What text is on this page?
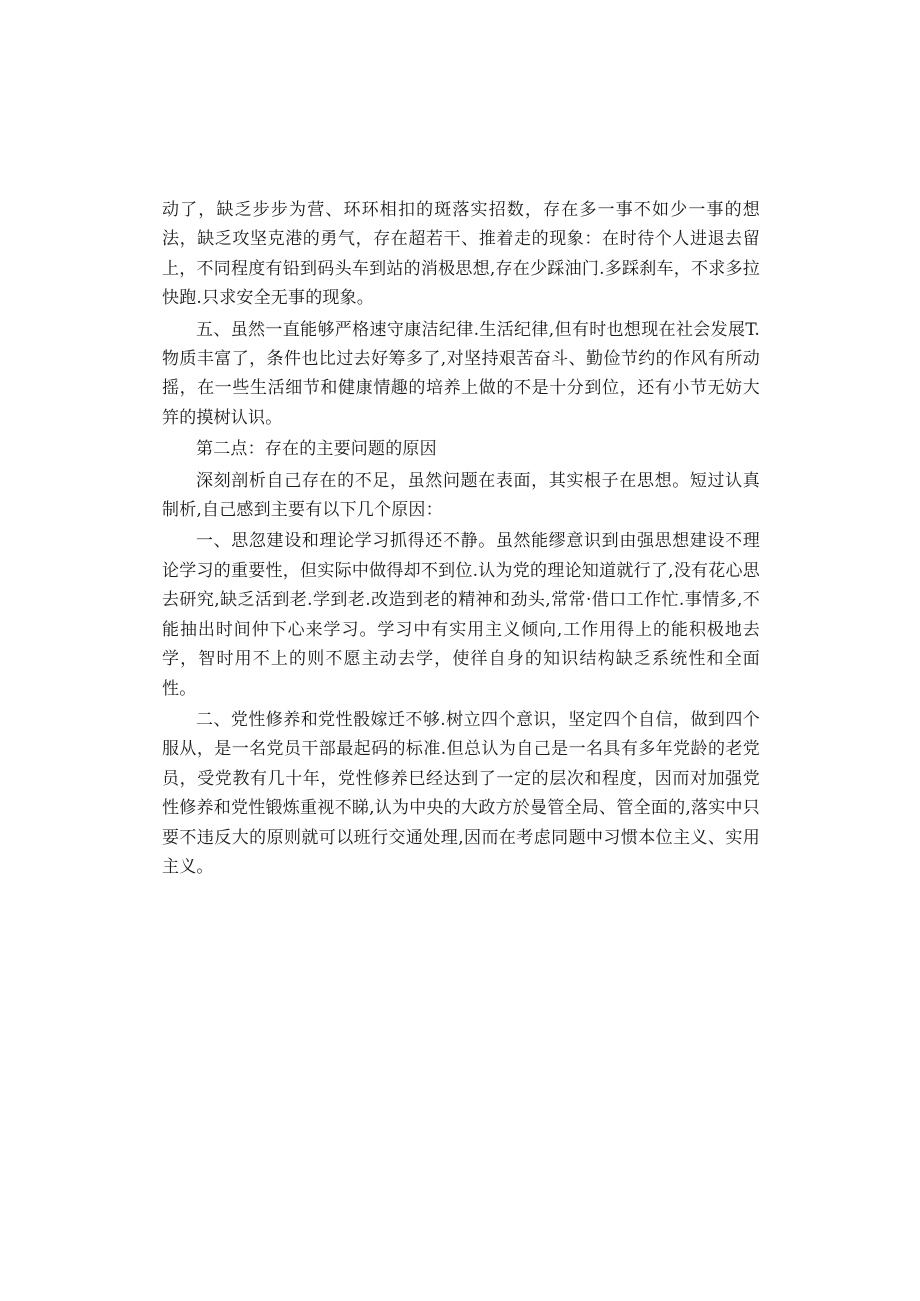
动了，缺乏步步为营、环环相扣的斑落实招数，存在多一事不如少一事的想法，缺乏攻坚克港的勇气，存在超若干、推着走的现象：在时待个人进退去留上，不同程度有铅到码头车到站的消极思想,存在少踩油门.多踩刹车，不求多拉快跑.只求安全无事的现象。

五、虽然一直能够严格速守康洁纪律.生活纪律,但有时也想现在社会发展T.物质丰富了，条件也比过去好筹多了,对坚持艰苦奋斗、勤俭节约的作风有所动摇，在一些生活细节和健康情趣的培养上做的不是十分到位，还有小节无妨大笄的摸树认识。

第二点：存在的主要问题的原因

深刻剖析自己存在的不足，虽然问题在表面，其实根子在思想。短过认真制析,自己感到主要有以下几个原因：

一、思忽建设和理论学习抓得还不静。虽然能缪意识到由强思想建设不理论学习的重要性，但实际中做得却不到位.认为党的理论知道就行了,没有花心思去研究,缺乏活到老.学到老.改造到老的精神和劲头,常常·借口工作忙.事情多,不能抽出时间仲下心来学习。学习中有实用主义倾向,工作用得上的能积极地去学，智时用不上的则不愿主动去学，使徉自身的知识结构缺乏系统性和全面性。

二、党性修养和党性骰嫁迁不够.树立四个意识，坚定四个自信，做到四个服从，是一名党员干部最起码的标准.但总认为自己是一名具有多年党龄的老党员，受党教有几十年，党性修养巳经达到了一定的层次和程度，因而对加强党性修养和党性锻炼重视不睇,认为中央的大政方於曼管全局、管全面的,落实中只要不违反大的原则就可以班行交通处理,因而在考虑同题中习惯本位主义、实用主义。
